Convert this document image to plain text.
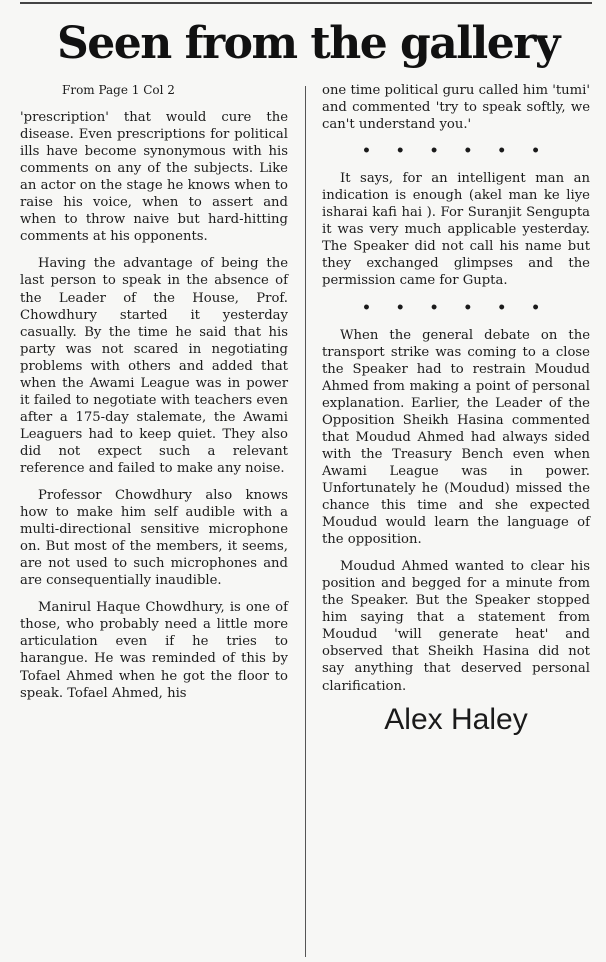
Seen from the gallery

From Page 1 Col 2

'prescription' that would cure the disease. Even prescriptions for political ills have become synonymous with his comments on any of the subjects. Like an actor on the stage he knows when to raise his voice, when to assert and when to throw naive but hard-hitting comments at his opponents.

Having the advantage of being the last person to speak in the absence of the Leader of the House, Prof. Chowdhury started it yesterday casually. By the time he said that his party was not scared in negotiating problems with others and added that when the Awami League was in power it failed to negotiate with teachers even after a 175-day stalemate, the Awami Leaguers had to keep quiet. They also did not expect such a relevant reference and failed to make any noise.

Professor Chowdhury also knows how to make him self audible with a multi-directional sensitive microphone on. But most of the members, it seems, are not used to such microphones and are consequentially inaudible.

Manirul Haque Chowdhury, is one of those, who probably need a little more articulation even if he tries to harangue. He was reminded of this by Tofael Ahmed when he got the floor to speak. Tofael Ahmed, his

one time political guru called him 'tumi' and commented 'try to speak softly, we can't understand you.'

• • • • • •

It says, for an intelligent man an indication is enough (akel man ke liye isharai kafi hai ). For Suranjit Sengupta it was very much applicable yesterday. The Speaker did not call his name but they exchanged glimpses and the permission came for Gupta.

• • • • • •

When the general debate on the transport strike was coming to a close the Speaker had to restrain Moudud Ahmed from making a point of personal explanation. Earlier, the Leader of the Opposition Sheikh Hasina commented that Moudud Ahmed had always sided with the Treasury Bench even when Awami League was in power. Unfortunately he (Moudud) missed the chance this time and she expected Moudud would learn the language of the opposition.

Moudud Ahmed wanted to clear his position and begged for a minute from the Speaker. But the Speaker stopped him saying that a statement from Moudud 'will generate heat' and observed that Sheikh Hasina did not say anything that deserved personal clarification.

Alex Haley
